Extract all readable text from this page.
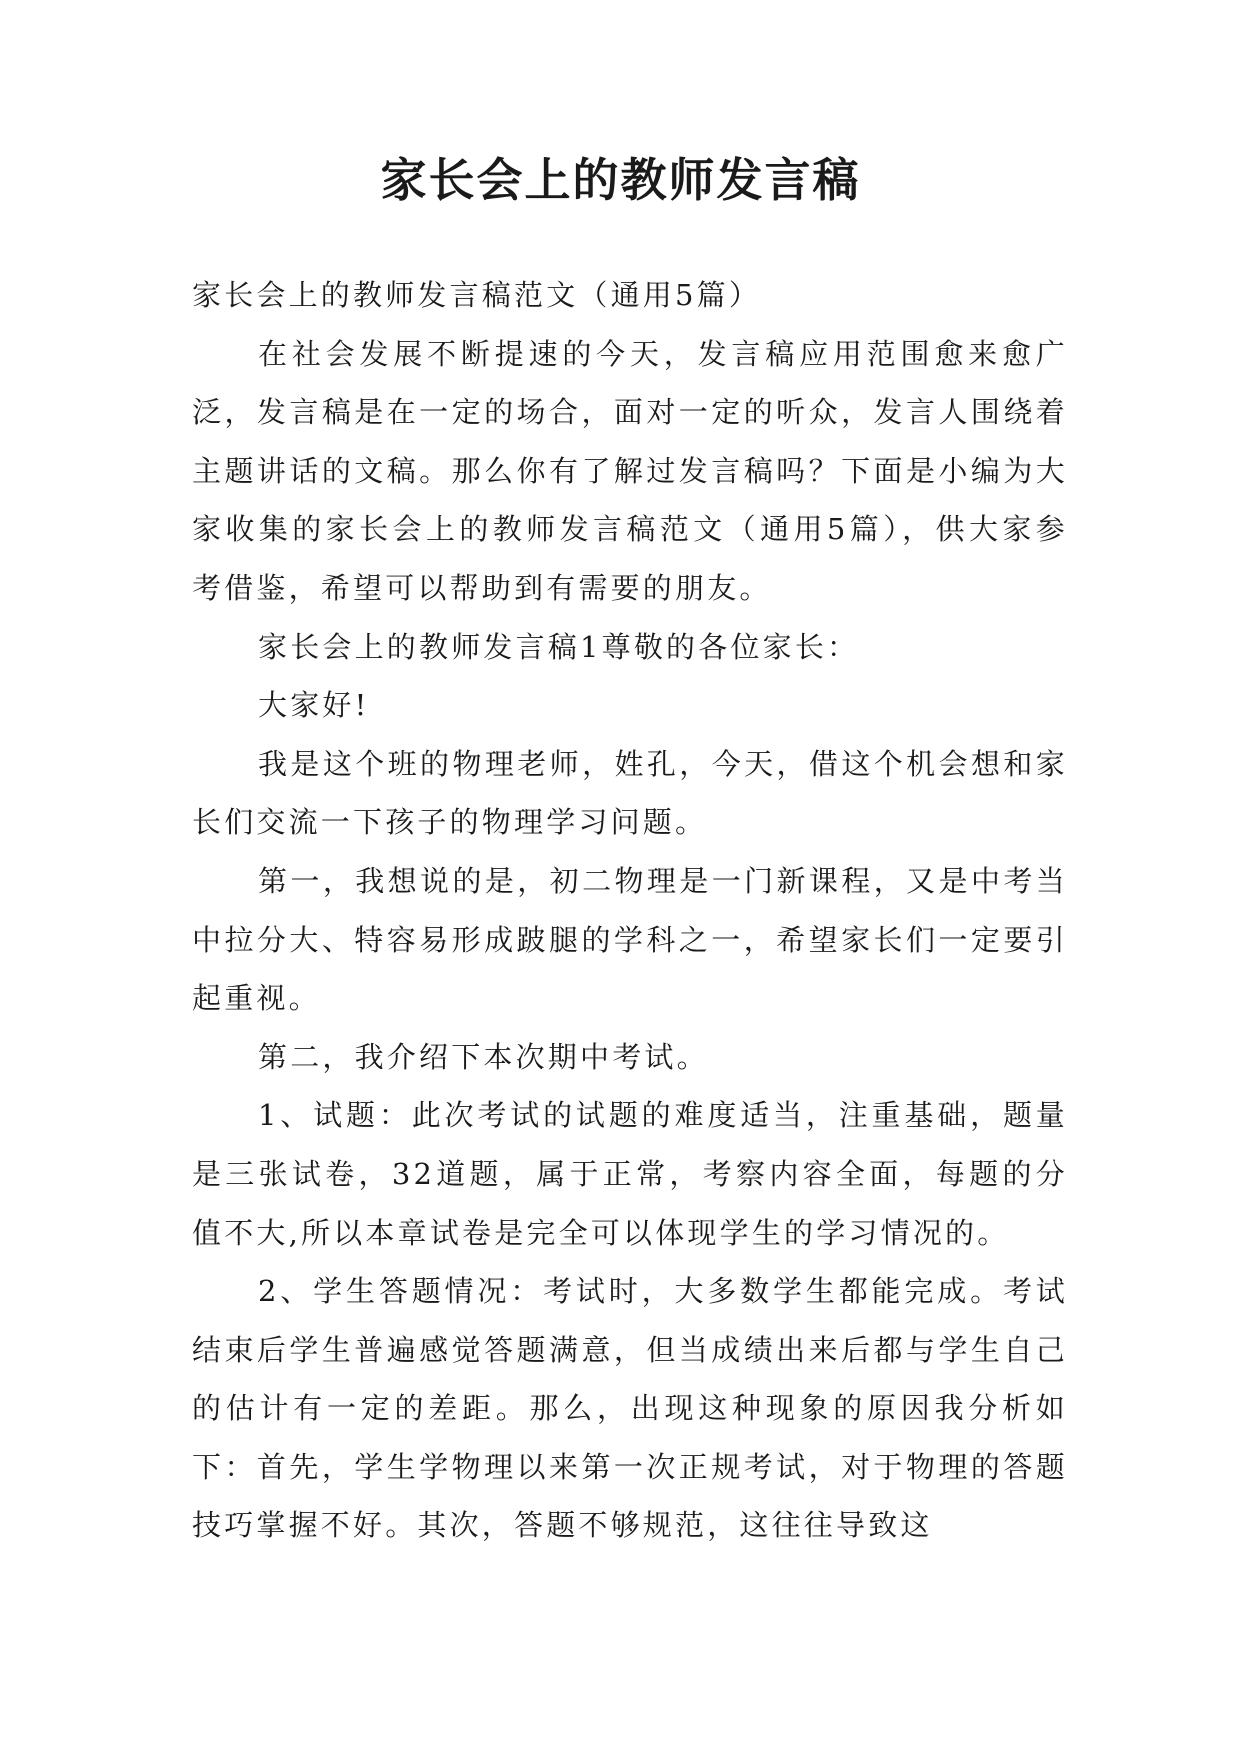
家长会上的教师发言稿

家长会上的教师发言稿范文（通用5篇）

在社会发展不断提速的今天，发言稿应用范围愈来愈广泛，发言稿是在一定的场合，面对一定的听众，发言人围绕着主题讲话的文稿。那么你有了解过发言稿吗？下面是小编为大家收集的家长会上的教师发言稿范文（通用5篇），供大家参考借鉴，希望可以帮助到有需要的朋友。

家长会上的教师发言稿1尊敬的各位家长：

大家好!

我是这个班的物理老师，姓孔，今天，借这个机会想和家长们交流一下孩子的物理学习问题。

第一，我想说的是，初二物理是一门新课程，又是中考当中拉分大、特容易形成跛腿的学科之一，希望家长们一定要引起重视。

第二，我介绍下本次期中考试。

1、试题：此次考试的试题的难度适当，注重基础，题量是三张试卷，32道题，属于正常，考察内容全面，每题的分值不大,所以本章试卷是完全可以体现学生的学习情况的。

2、学生答题情况：考试时，大多数学生都能完成。考试结束后学生普遍感觉答题满意，但当成绩出来后都与学生自己的估计有一定的差距。那么，出现这种现象的原因我分析如下：首先，学生学物理以来第一次正规考试，对于物理的答题技巧掌握不好。其次，答题不够规范，这往往导致这
